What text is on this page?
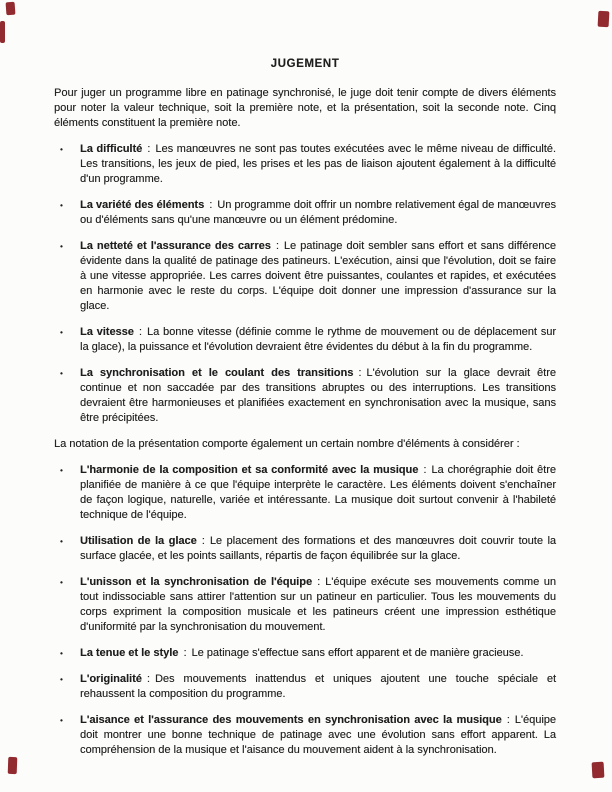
JUGEMENT

Pour juger un programme libre en patinage synchronisé, le juge doit tenir compte de divers éléments pour noter la valeur technique, soit la première note, et la présentation, soit la seconde note. Cinq éléments constituent la première note.

• La difficulté : Les manœuvres ne sont pas toutes exécutées avec le même niveau de difficulté. Les transitions, les jeux de pied, les prises et les pas de liaison ajoutent également à la difficulté d'un programme.
• La variété des éléments : Un programme doit offrir un nombre relativement égal de manœuvres ou d'éléments sans qu'une manœuvre ou un élément prédomine.
• La netteté et l'assurance des carres : Le patinage doit sembler sans effort et sans différence évidente dans la qualité de patinage des patineurs. L'exécution, ainsi que l'évolution, doit se faire à une vitesse appropriée. Les carres doivent être puissantes, coulantes et rapides, et exécutées en harmonie avec le reste du corps. L'équipe doit donner une impression d'assurance sur la glace.
• La vitesse : La bonne vitesse (définie comme le rythme de mouvement ou de déplacement sur la glace), la puissance et l'évolution devraient être évidentes du début à la fin du programme.
• La synchronisation et le coulant des transitions : L'évolution sur la glace devrait être continue et non saccadée par des transitions abruptes ou des interruptions. Les transitions devraient être harmonieuses et planifiées exactement en synchronisation avec la musique, sans être précipitées.

La notation de la présentation comporte également un certain nombre d'éléments à considérer :

• L'harmonie de la composition et sa conformité avec la musique : La chorégraphie doit être planifiée de manière à ce que l'équipe interprète le caractère. Les éléments doivent s'enchaîner de façon logique, naturelle, variée et intéressante. La musique doit surtout convenir à l'habileté technique de l'équipe.
• Utilisation de la glace : Le placement des formations et des manœuvres doit couvrir toute la surface glacée, et les points saillants, répartis de façon équilibrée sur la glace.
• L'unisson et la synchronisation de l'équipe : L'équipe exécute ses mouvements comme un tout indissociable sans attirer l'attention sur un patineur en particulier. Tous les mouvements du corps expriment la composition musicale et les patineurs créent une impression esthétique d'uniformité par la synchronisation du mouvement.
• La tenue et le style : Le patinage s'effectue sans effort apparent et de manière gracieuse.
• L'originalité : Des mouvements inattendus et uniques ajoutent une touche spéciale et rehaussent la composition du programme.
• L'aisance et l'assurance des mouvements en synchronisation avec la musique : L'équipe doit montrer une bonne technique de patinage avec une évolution sans effort apparent. La compréhension de la musique et l'aisance du mouvement aident à la synchronisation.
